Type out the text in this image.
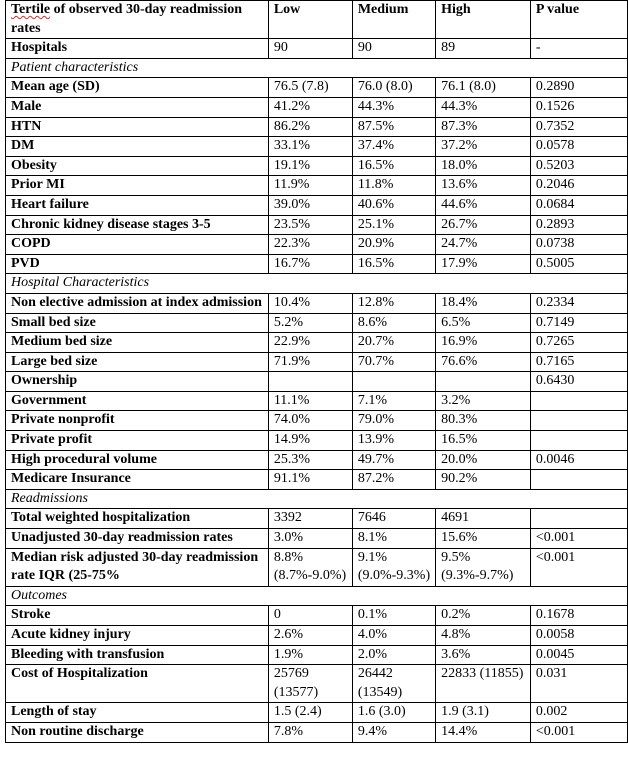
Tertile of observed 30-day readmission rates	Low	Medium	High	P value
Hospitals	90	90	89	-
Patient characteristics				
Mean age (SD)	76.5 (7.8)	76.0 (8.0)	76.1 (8.0)	0.2890
Male	41.2%	44.3%	44.3%	0.1526
HTN	86.2%	87.5%	87.3%	0.7352
DM	33.1%	37.4%	37.2%	0.0578
Obesity	19.1%	16.5%	18.0%	0.5203
Prior MI	11.9%	11.8%	13.6%	0.2046
Heart failure	39.0%	40.6%	44.6%	0.0684
Chronic kidney disease stages 3-5	23.5%	25.1%	26.7%	0.2893
COPD	22.3%	20.9%	24.7%	0.0738
PVD	16.7%	16.5%	17.9%	0.5005
Hospital Characteristics				
Non elective admission at index admission	10.4%	12.8%	18.4%	0.2334
Small bed size	5.2%	8.6%	6.5%	0.7149
Medium bed size	22.9%	20.7%	16.9%	0.7265
Large bed size	71.9%	70.7%	76.6%	0.7165
Ownership				0.6430
Government	11.1%	7.1%	3.2%	
Private nonprofit	74.0%	79.0%	80.3%	
Private profit	14.9%	13.9%	16.5%	
High procedural volume	25.3%	49.7%	20.0%	0.0046
Medicare Insurance	91.1%	87.2%	90.2%	
Readmissions				
Total weighted hospitalization	3392	7646	4691	
Unadjusted 30-day readmission rates	3.0%	8.1%	15.6%	<0.001
Median risk adjusted 30-day readmission rate IQR (25-75%	8.8% (8.7%-9.0%)	9.1% (9.0%-9.3%)	9.5% (9.3%-9.7%)	<0.001
Outcomes				
Stroke	0	0.1%	0.2%	0.1678
Acute kidney injury	2.6%	4.0%	4.8%	0.0058
Bleeding with transfusion	1.9%	2.0%	3.6%	0.0045
Cost of Hospitalization	25769 (13577)	26442 (13549)	22833 (11855)	0.031
Length of stay	1.5 (2.4)	1.6 (3.0)	1.9 (3.1)	0.002
Non routine discharge	7.8%	9.4%	14.4%	<0.001
